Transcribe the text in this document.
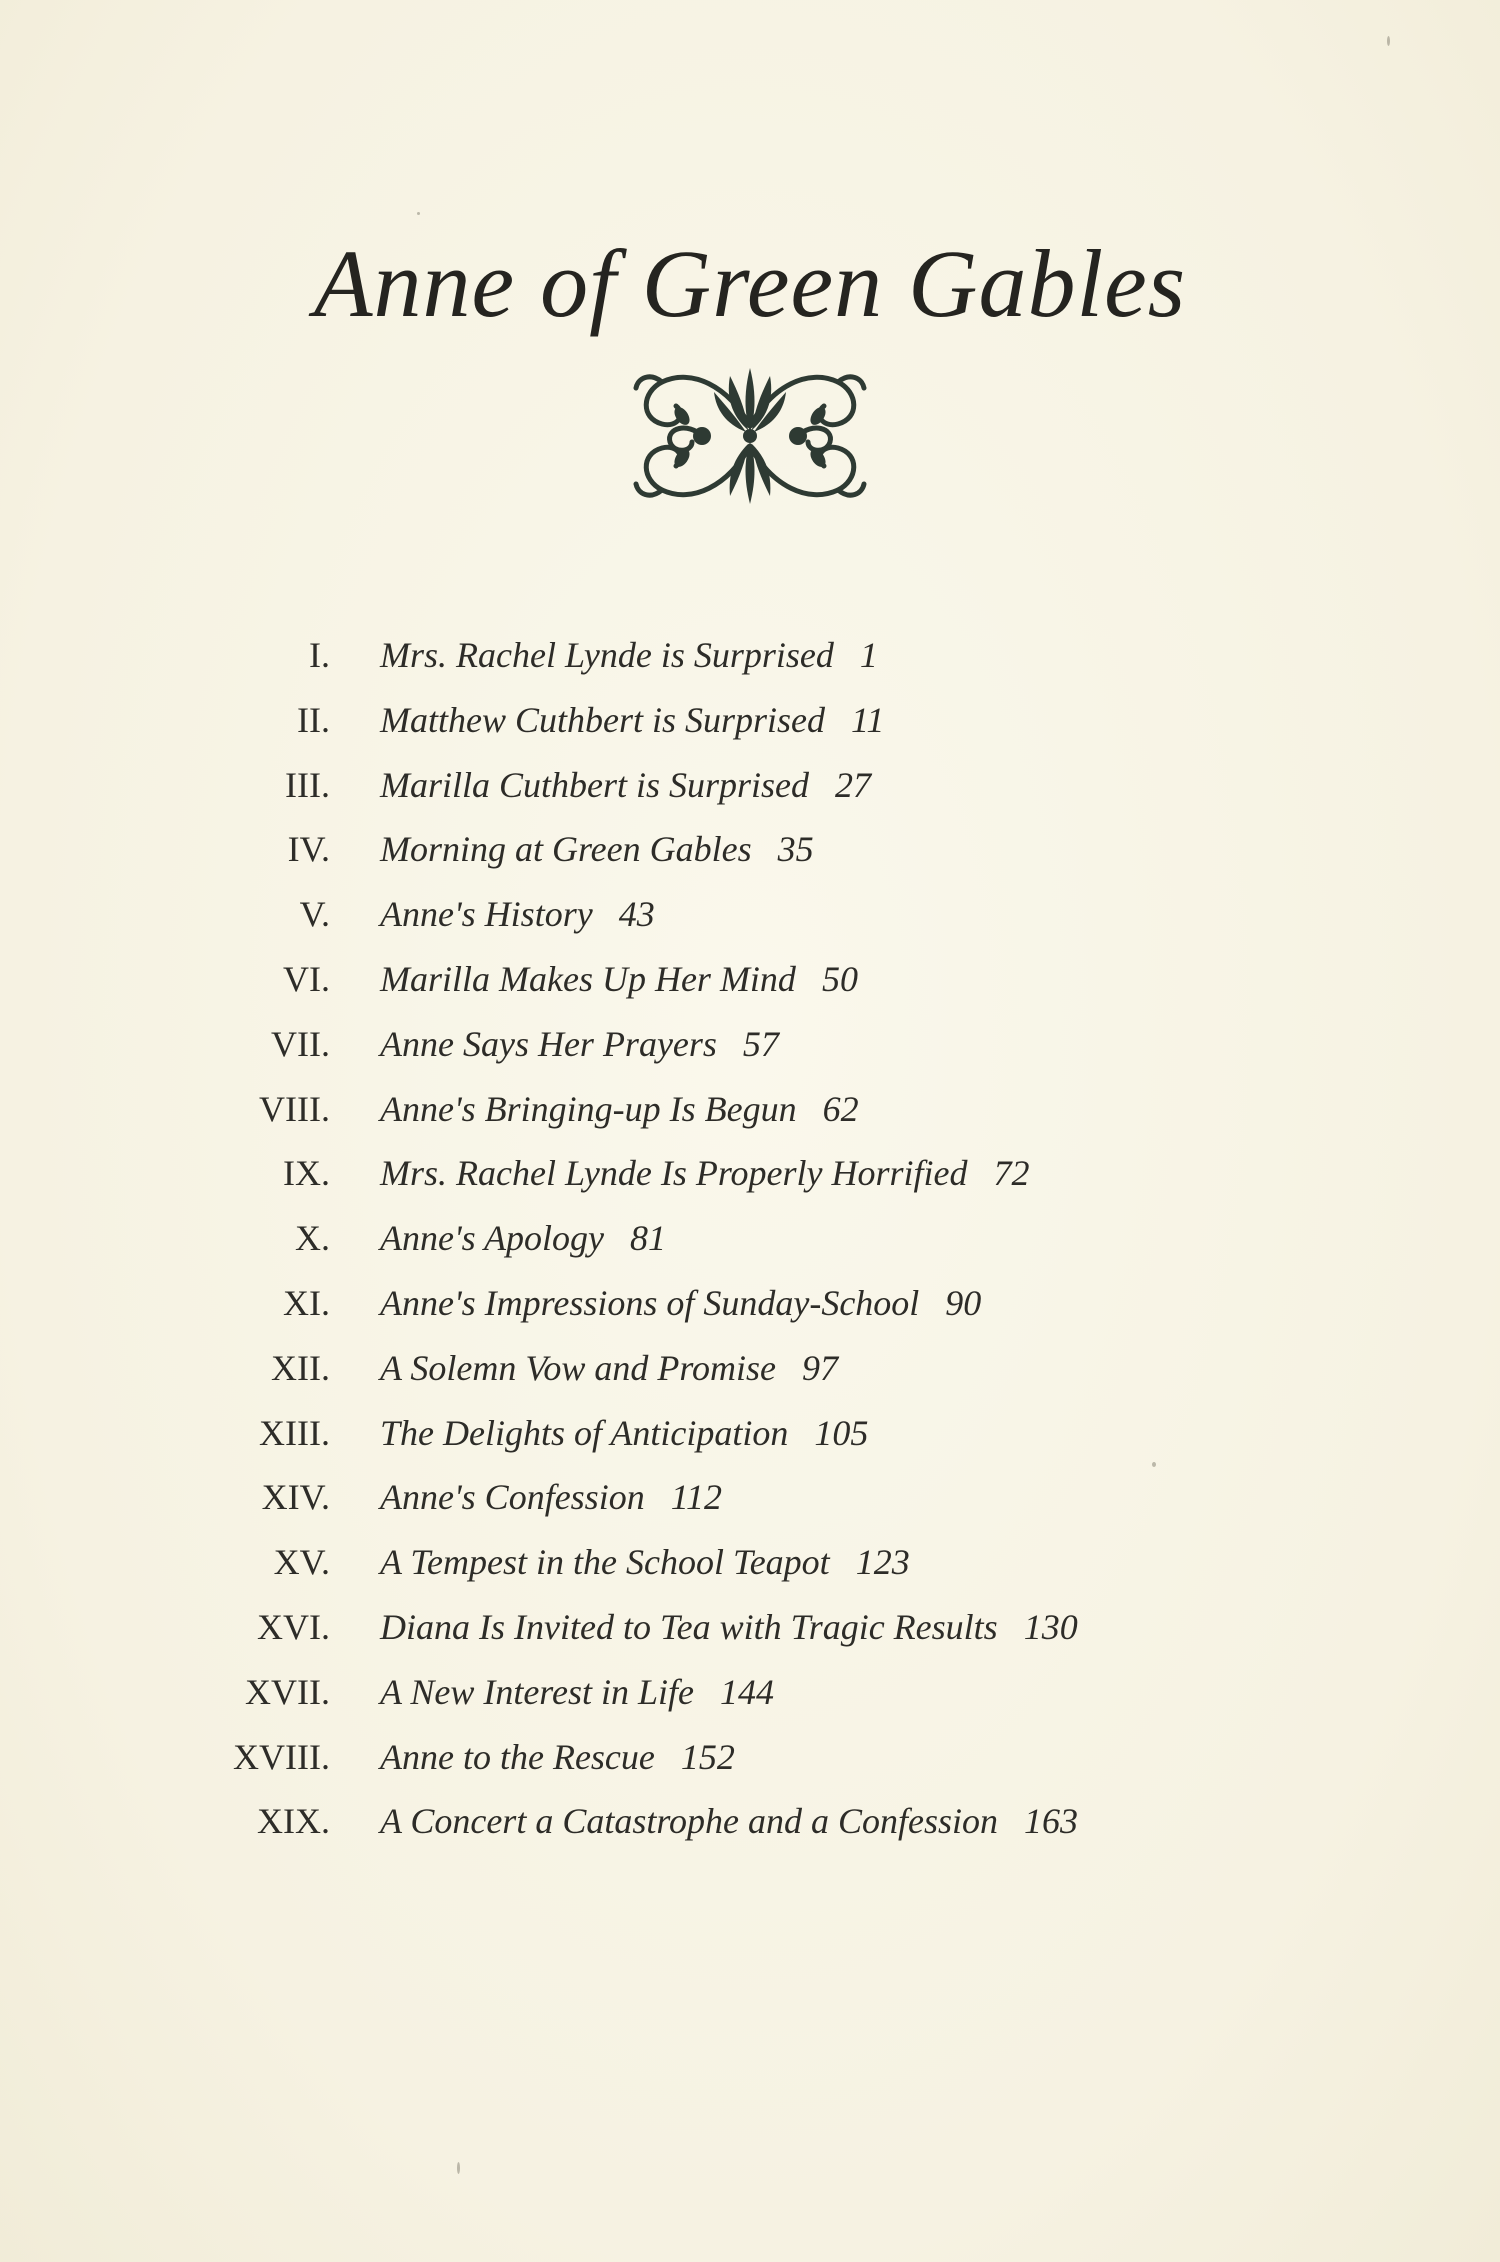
Anne of Green Gables
I. Mrs. Rachel Lynde is Surprised 1
II. Matthew Cuthbert is Surprised 11
III. Marilla Cuthbert is Surprised 27
IV. Morning at Green Gables 35
V. Anne's History 43
VI. Marilla Makes Up Her Mind 50
VII. Anne Says Her Prayers 57
VIII. Anne's Bringing-up Is Begun 62
IX. Mrs. Rachel Lynde Is Properly Horrified 72
X. Anne's Apology 81
XI. Anne's Impressions of Sunday-School 90
XII. A Solemn Vow and Promise 97
XIII. The Delights of Anticipation 105
XIV. Anne's Confession 112
XV. A Tempest in the School Teapot 123
XVI. Diana Is Invited to Tea with Tragic Results 130
XVII. A New Interest in Life 144
XVIII. Anne to the Rescue 152
XIX. A Concert a Catastrophe and a Confession 163
